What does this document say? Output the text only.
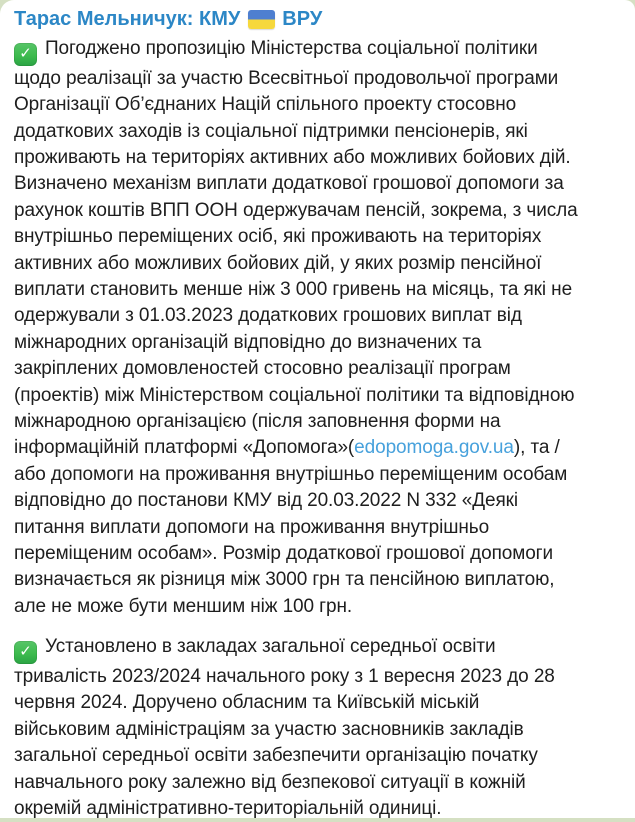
Тарас Мельничук: КМУ ВРУ
✓ Погоджено пропозицію Міністерства соціальної політики
щодо реалізації за участю Всесвітньої продовольчої програми
Організації Об’єднаних Націй спільного проекту стосовно
додаткових заходів із соціальної підтримки пенсіонерів, які
проживають на територіях активних або можливих бойових дій.
Визначено механізм виплати додаткової грошової допомоги за
рахунок коштів ВПП ООН одержувачам пенсій, зокрема, з числа
внутрішньо переміщених осіб, які проживають на територіях
активних або можливих бойових дій, у яких розмір пенсійної
виплати становить менше ніж 3 000 гривень на місяць, та які не
одержували з 01.03.2023 додаткових грошових виплат від
міжнародних організацій відповідно до визначених та
закріплених домовленостей стосовно реалізації програм
(проектів) між Міністерством соціальної політики та відповідною
міжнародною організацією (після заповнення форми на
інформаційній платформі «Допомога»(edopomoga.gov.ua), та /
або допомоги на проживання внутрішньо переміщеним особам
відповідно до постанови КМУ від 20.03.2022 N 332 «Деякі
питання виплати допомоги на проживання внутрішньо
переміщеним особам». Розмір додаткової грошової допомоги
визначається як різниця між 3000 грн та пенсійною виплатою,
але не може бути меншим ніж 100 грн.
✓ Установлено в закладах загальної середньої освіти
тривалість 2023/2024 начального року з 1 вересня 2023 до 28
червня 2024. Доручено обласним та Київській міській
військовим адміністраціям за участю засновників закладів
загальної середньої освіти забезпечити організацію початку
навчального року залежно від безпекової ситуації в кожній
окремій адміністративно-територіальній одиниці.
